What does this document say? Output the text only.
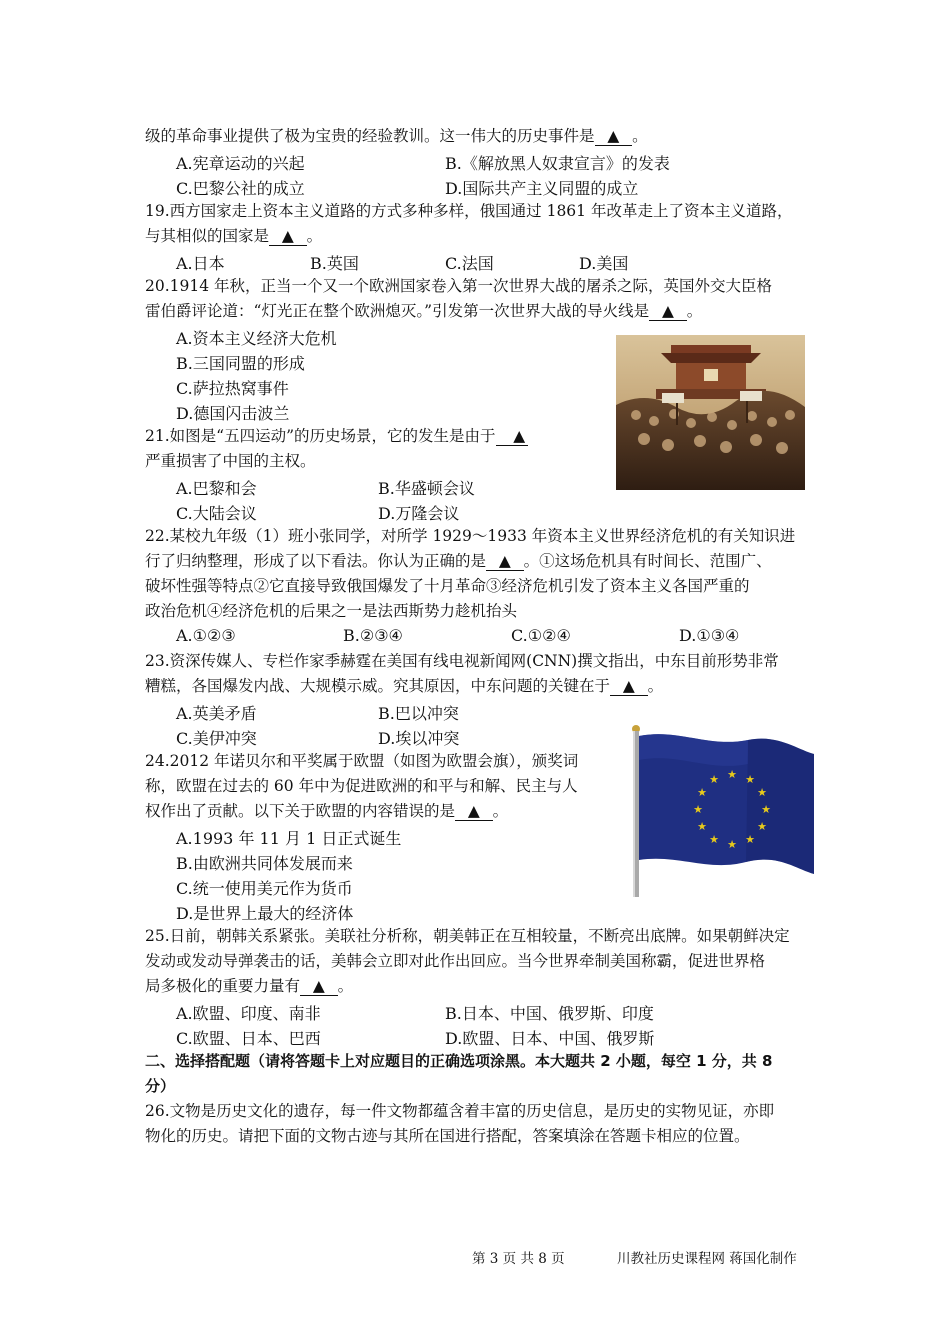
级的革命事业提供了极为宝贵的经验教训。这一伟大的历史事件是 ▲ 。
A.宪章运动的兴起	B.《解放黑人奴隶宣言》的发表
C.巴黎公社的成立	D.国际共产主义同盟的成立
19.西方国家走上资本主义道路的方式多种多样，俄国通过 1861 年改革走上了资本主义道路，
与其相似的国家是 ▲ 。
A.日本	B.英国	C.法国	D.美国
20.1914 年秋，正当一个又一个欧洲国家卷入第一次世界大战的屠杀之际，英国外交大臣格
雷伯爵评论道：“灯光正在整个欧洲熄灭。”引发第一次世界大战的导火线是 ▲ 。
A.资本主义经济大危机
B.三国同盟的形成
C.萨拉热窝事件
D.德国闪击波兰
21.如图是“五四运动”的历史场景，它的发生是由于 ▲
严重损害了中国的主权。
A.巴黎和会	B.华盛顿会议
C.大陆会议	D.万隆会议
22.某校九年级（1）班小张同学，对所学 1929～1933 年资本主义世界经济危机的有关知识进
行了归纳整理，形成了以下看法。你认为正确的是 ▲ 。①这场危机具有时间长、范围广、
破坏性强等特点②它直接导致俄国爆发了十月革命③经济危机引发了资本主义各国严重的
政治危机④经济危机的后果之一是法西斯势力趁机抬头
A.①②③	B.②③④	C.①②④	D.①③④
23.资深传媒人、专栏作家季赫霆在美国有线电视新闻网(CNN)撰文指出，中东目前形势非常
糟糕，各国爆发内战、大规模示威。究其原因，中东问题的关键在于 ▲ 。
A.英美矛盾	B.巴以冲突
C.美伊冲突	D.埃以冲突
★ ★
★
★
★
★
★
★
★
★
★
★
24.2012 年诺贝尔和平奖属于欧盟（如图为欧盟会旗），颁奖词
称，欧盟在过去的 60 年中为促进欧洲的和平与和解、民主与人
权作出了贡献。以下关于欧盟的内容错误的是 ▲ 。
A.1993 年 11 月 1 日正式诞生
B.由欧洲共同体发展而来
C.统一使用美元作为货币
D.是世界上最大的经济体
25.日前，朝韩关系紧张。美联社分析称，朝美韩正在互相较量，不断亮出底牌。如果朝鲜决定
发动或发动导弹袭击的话，美韩会立即对此作出回应。当今世界牵制美国称霸，促进世界格
局多极化的重要力量有 ▲ 。
A.欧盟、印度、南非	B.日本、中国、俄罗斯、印度
C.欧盟、日本、巴西	D.欧盟、日本、中国、俄罗斯
二、选择搭配题（请将答题卡上对应题目的正确选项涂黑。本大题共 2 小题，每空 1 分，共 8
分）
26.文物是历史文化的遗存，每一件文物都蕴含着丰富的历史信息，是历史的实物见证，亦即
物化的历史。请把下面的文物古迹与其所在国进行搭配，答案填涂在答题卡相应的位置。
第 3 页 共 8 页	川教社历史课程网 蒋国化制作
